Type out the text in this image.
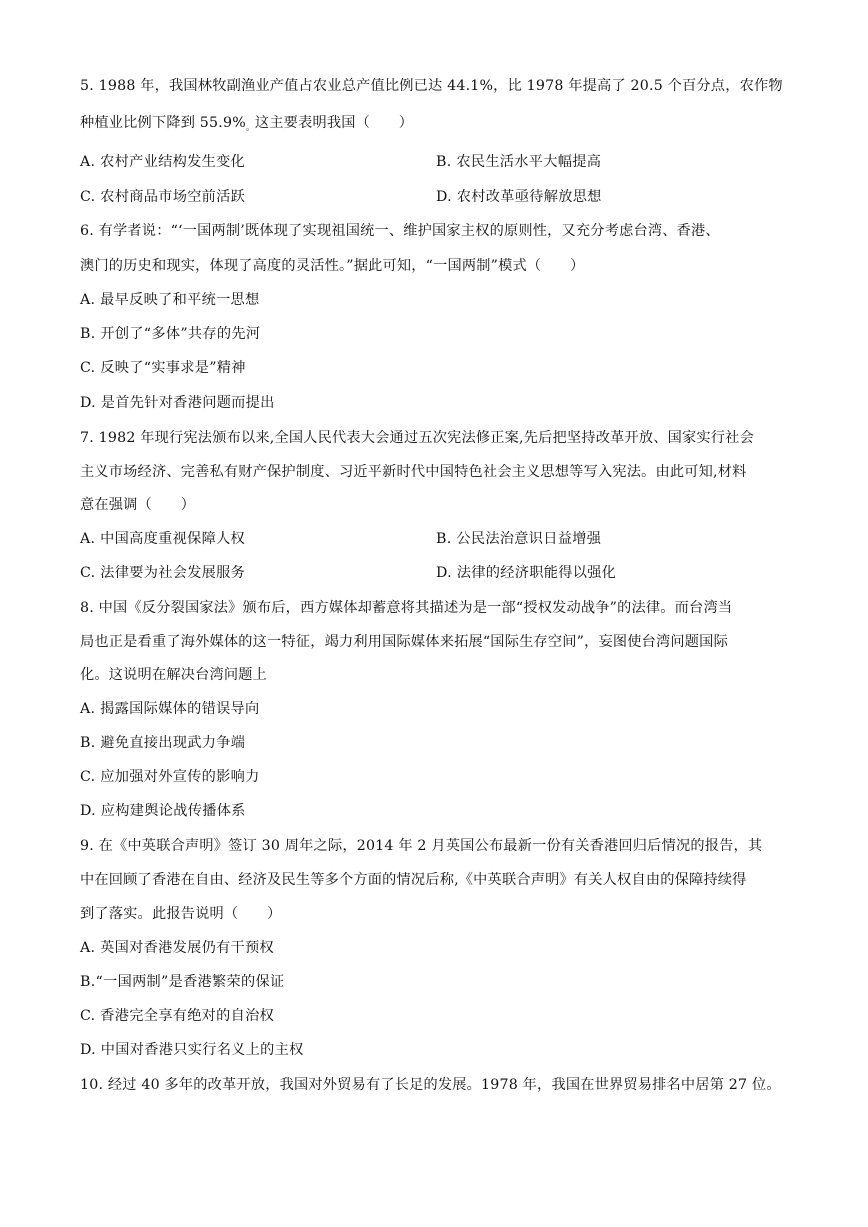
5. 1988 年，我国林牧副渔业产值占农业总产值比例已达 44.1%，比 1978 年提高了 20.5 个百分点，农作物
种植业比例下降到 $55.9\%_。$这主要表明我国（　　）
A. 农村产业结构发生变化	B. 农民生活水平大幅提高
C. 农村商品市场空前活跃	D. 农村改革亟待解放思想
6. 有学者说：“‘一国两制’既体现了实现祖国统一、维护国家主权的原则性，又充分考虑台湾、香港、
澳门的历史和现实，体现了高度的灵活性。”据此可知，“一国两制”模式（　　）
A. 最早反映了和平统一思想
B. 开创了“多体”共存的先河
C. 反映了“实事求是”精神
D. 是首先针对香港问题而提出
7. 1982 年现行宪法颁布以来,全国人民代表大会通过五次宪法修正案,先后把坚持改革开放、国家实行社会
主义市场经济、完善私有财产保护制度、习近平新时代中国特色社会主义思想等写入宪法。由此可知,材料
意在强调（　　）
A. 中国高度重视保障人权	B. 公民法治意识日益增强
C. 法律要为社会发展服务	D. 法律的经济职能得以强化
8. 中国《反分裂国家法》颁布后，西方媒体却蓄意将其描述为是一部“授权发动战争”的法律。而台湾当
局也正是看重了海外媒体的这一特征，竭力利用国际媒体来拓展“国际生存空间”，妄图使台湾问题国际
化。这说明在解决台湾问题上
A. 揭露国际媒体的错误导向
B. 避免直接出现武力争端
C. 应加强对外宣传的影响力
D. 应构建舆论战传播体系
9. 在《中英联合声明》签订 30 周年之际，2014 年 2 月英国公布最新一份有关香港回归后情况的报告，其
中在回顾了香港在自由、经济及民生等多个方面的情况后称,《中英联合声明》有关人权自由的保障持续得
到了落实。此报告说明（　　）
A. 英国对香港发展仍有干预权
B.“一国两制”是香港繁荣的保证
C. 香港完全享有绝对的自治权
D. 中国对香港只实行名义上的主权
10. 经过 40 多年的改革开放，我国对外贸易有了长足的发展。1978 年，我国在世界贸易排名中居第 27 位。
